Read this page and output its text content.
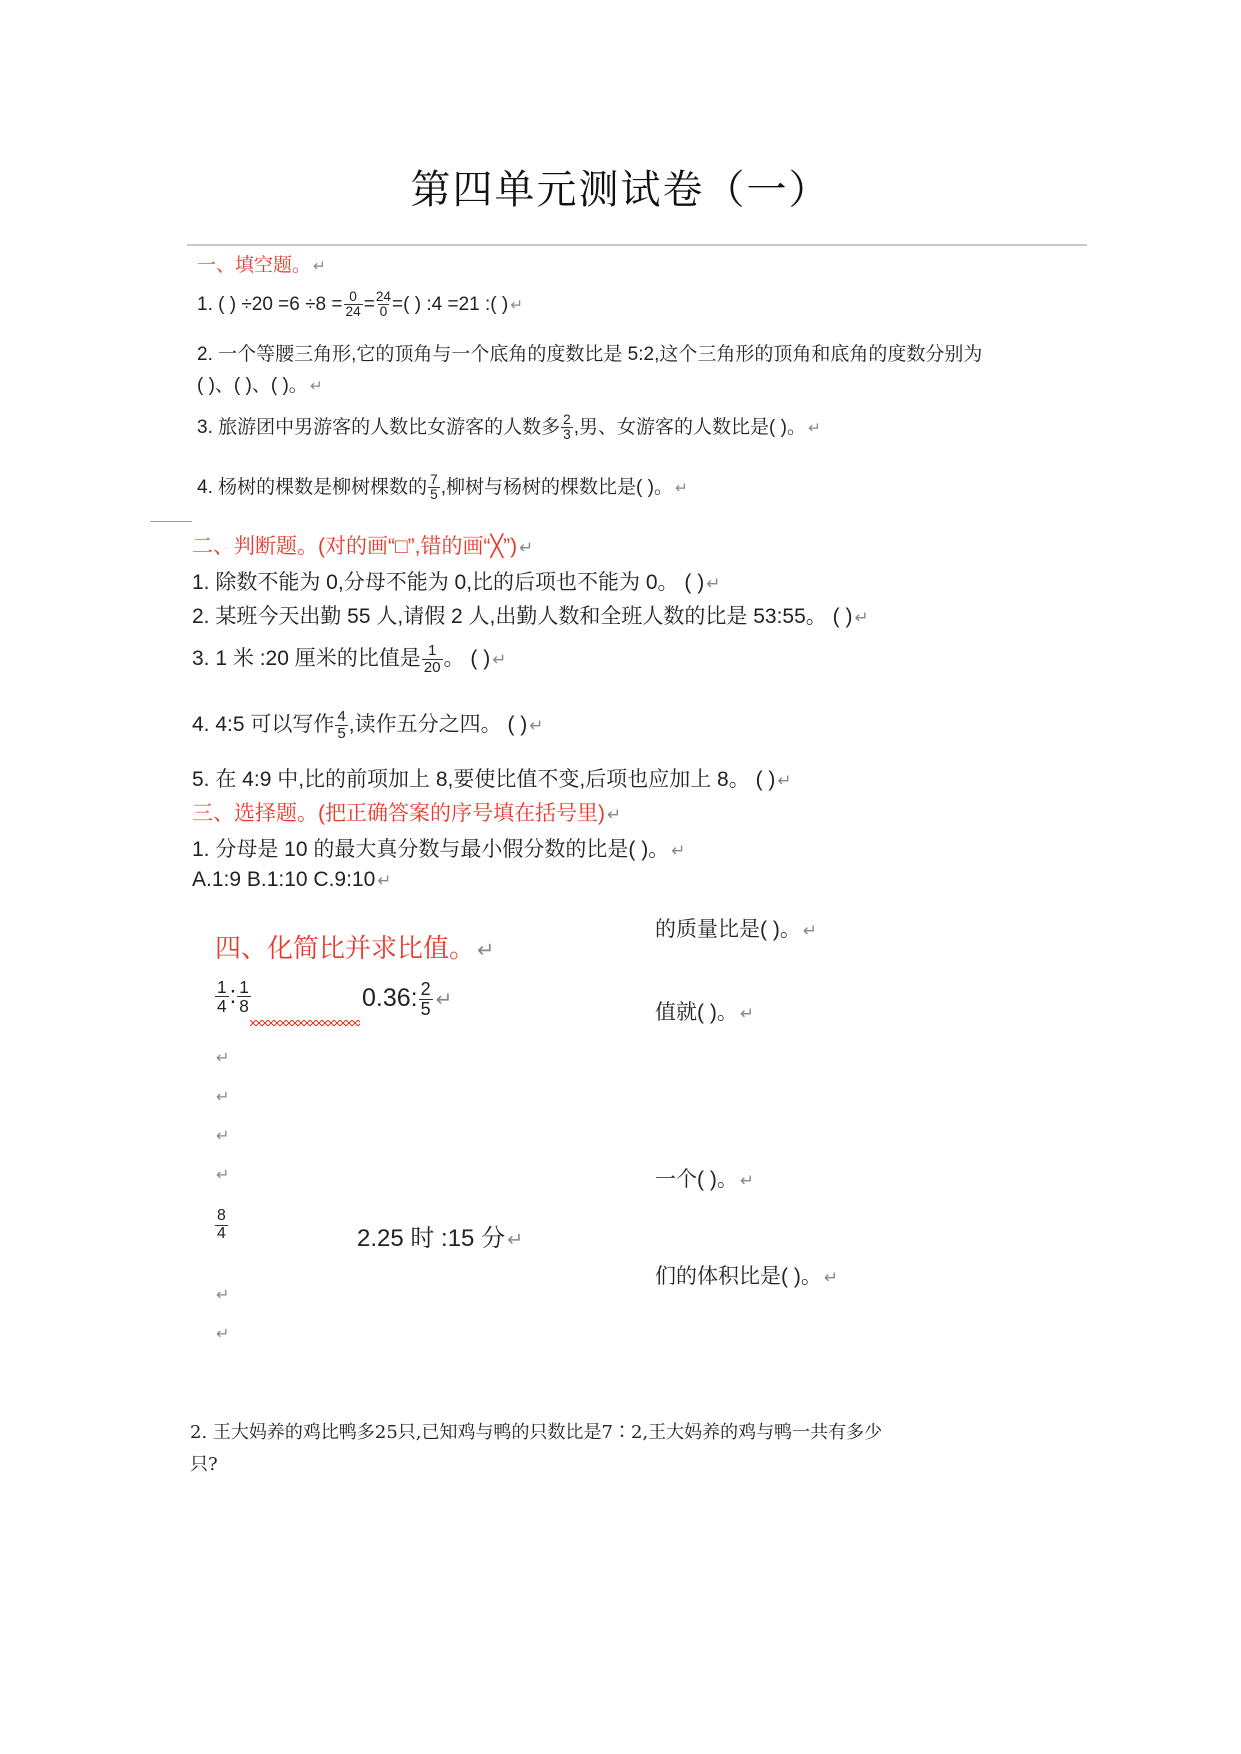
第四单元测试卷（一）
一、填空题。 ↵
1. ( ) $\div 20 =6 \div 8 = \frac{0}{24} = \frac{24}{0}$ =( ) :4 =21 :( ) ↵
2. 一个等腰三角形,它的顶角与一个底角的度数比是 5:2,这个三角形的顶角和底角的度数分别为
( )、( )、( )。 ↵
3. 旅游团中男游客的人数比女游客的人数多 $\frac{2}{3}$ ,男、女游客的人数比是( )。 ↵
4. 杨树的棵数是柳树棵数的 $\frac{7}{5}$ ,柳树与杨树的棵数比是( )。 ↵
二、判断题。(对的画“□”,错的画“╳”) ↵
1. 除数不能为 0,分母不能为 0,比的后项也不能为 0。 ( ) ↵
2. 某班今天出勤 55 人,请假 2 人,出勤人数和全班人数的比是 53:55。 ( ) ↵
3. 1 米 :20 厘米的比值是 $\frac{1}{20}$ 。 ( ) ↵
4. 4:5 可以写作 $\frac{4}{5}$ ,读作五分之四。 ( ) ↵
5. 在 4:9 中,比的前项加上 8,要使比值不变,后项也应加上 8。 ( ) ↵
三、选择题。(把正确答案的序号填在括号里) ↵
1. 分母是 10 的最大真分数与最小假分数的比是( )。 ↵
A.1:9 B.1:10 C.9:10 ↵
的质量比是( )。 ↵
值就( )。 ↵
一个( )。 ↵
们的体积比是( )。 ↵
四、化简比并求比值。↵
$\frac{1}{4}$ : $\frac{1}{8}$	0.36: $\frac{2}{5}$ ↵
↵
↵
↵
↵
$\frac{8}{4}$	2.25 时 :15 分 ↵
↵
↵
2. 王大妈养的鸡比鸭多25只,已知鸡与鸭的只数比是7∶2,王大妈养的鸡与鸭一共有多少
只?
